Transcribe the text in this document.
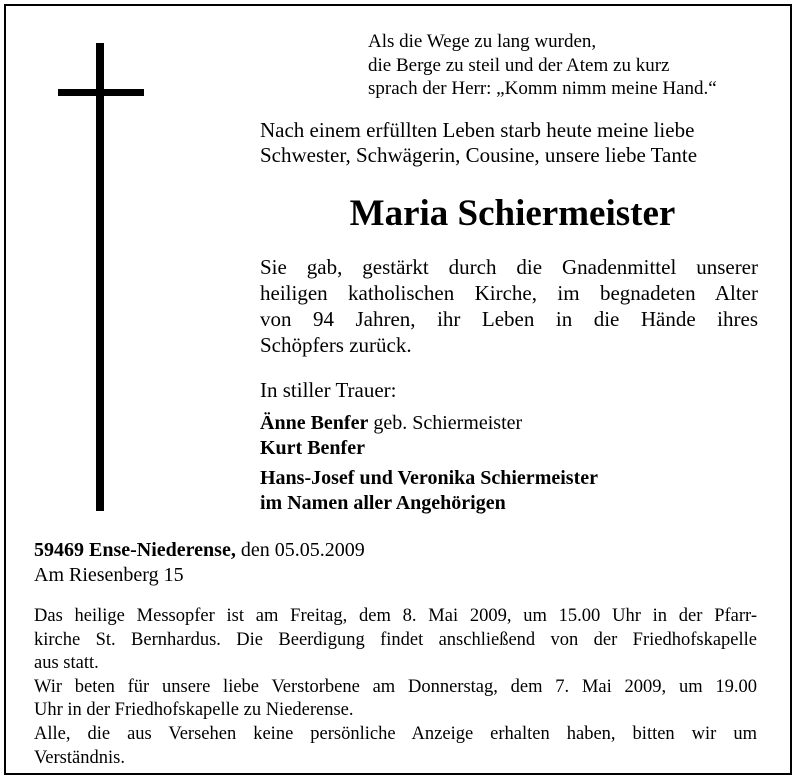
Als die Wege zu lang wurden,
die Berge zu steil und der Atem zu kurz
sprach der Herr: „Komm nimm meine Hand.“
Nach einem erfüllten Leben starb heute meine liebe
Schwester, Schwägerin, Cousine, unsere liebe Tante
Maria Schiermeister
Sie gab, gestärkt durch die Gnadenmittel unserer
heiligen katholischen Kirche, im begnadeten Alter
von 94 Jahren, ihr Leben in die Hände ihres
Schöpfers zurück.
In stiller Trauer:
Änne Benfer geb. Schiermeister
Kurt Benfer
Hans-Josef und Veronika Schiermeister
im Namen aller Angehörigen
59469 Ense-Niederense, den 05.05.2009
Am Riesenberg 15
Das heilige Messopfer ist am Freitag, dem 8. Mai 2009, um 15.00 Uhr in der Pfarr-
kirche St. Bernhardus. Die Beerdigung findet anschließend von der Friedhofskapelle
aus statt.
Wir beten für unsere liebe Verstorbene am Donnerstag, dem 7. Mai 2009, um 19.00
Uhr in der Friedhofskapelle zu Niederense.
Alle, die aus Versehen keine persönliche Anzeige erhalten haben, bitten wir um
Verständnis.
